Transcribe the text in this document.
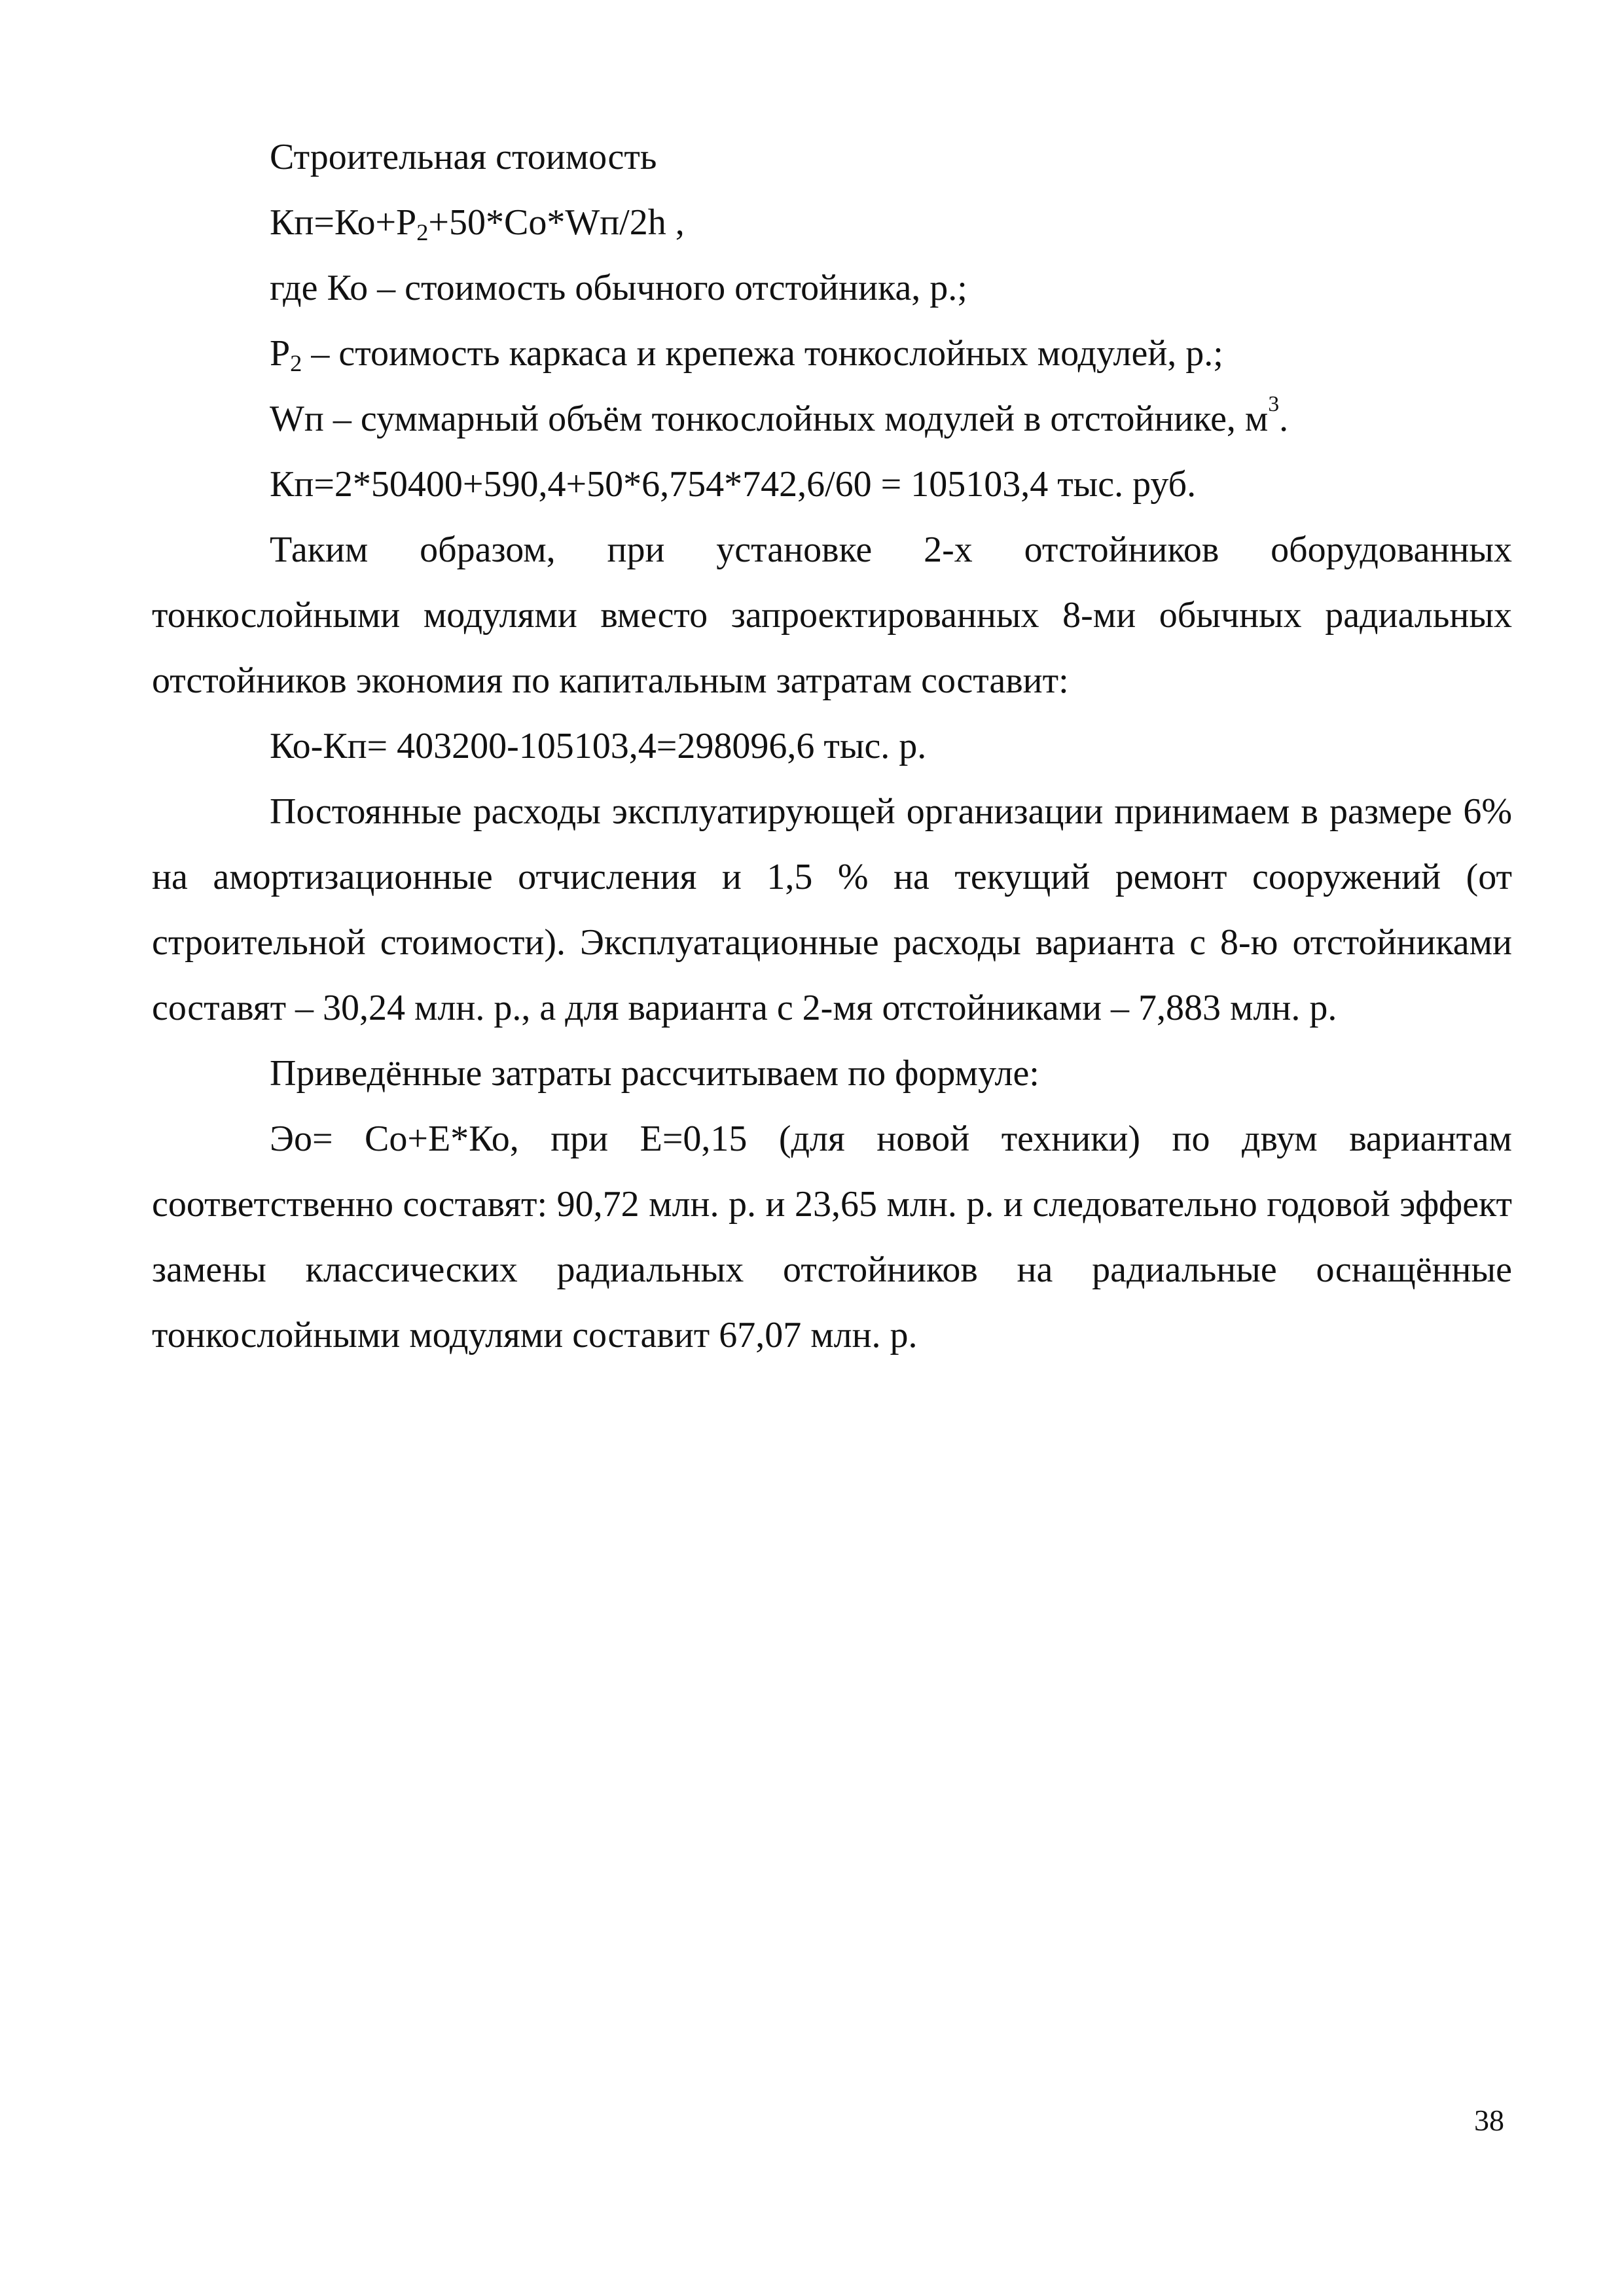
Строительная стоимость

$Кп=Ко+Р_2+50*Со*Wп/2h$ ,

где Ко – стоимость обычного отстойника, р.;

$Р_2$ – стоимость каркаса и крепежа тонкослойных модулей, р.;

Wп – суммарный объём тонкослойных модулей в отстойнике, $м^3$.

Кп=2*50400+590,4+50*6,754*742,6/60 = 105103,4 тыс. руб.

Таким образом, при установке 2-х отстойников оборудованных тонкослойными модулями вместо запроектированных 8-ми обычных радиальных отстойников экономия по капитальным затратам составит:

Ко-Кп= 403200-105103,4=298096,6 тыс. р.

Постоянные расходы эксплуатирующей организации принимаем в размере 6% на амортизационные отчисления и 1,5 % на текущий ремонт сооружений (от строительной стоимости). Эксплуатационные расходы варианта с 8-ю отстойниками составят – 30,24 млн. р., а для варианта с 2-мя отстойниками – 7,883 млн. р.

Приведённые затраты рассчитываем по формуле:

Эо= Со+Е*Ко, при Е=0,15 (для новой техники) по двум вариантам соответственно составят: 90,72 млн. р. и 23,65 млн. р. и следовательно годовой эффект замены классических радиальных отстойников на радиальные оснащённые тонкослойными модулями составит 67,07 млн. р.

38
